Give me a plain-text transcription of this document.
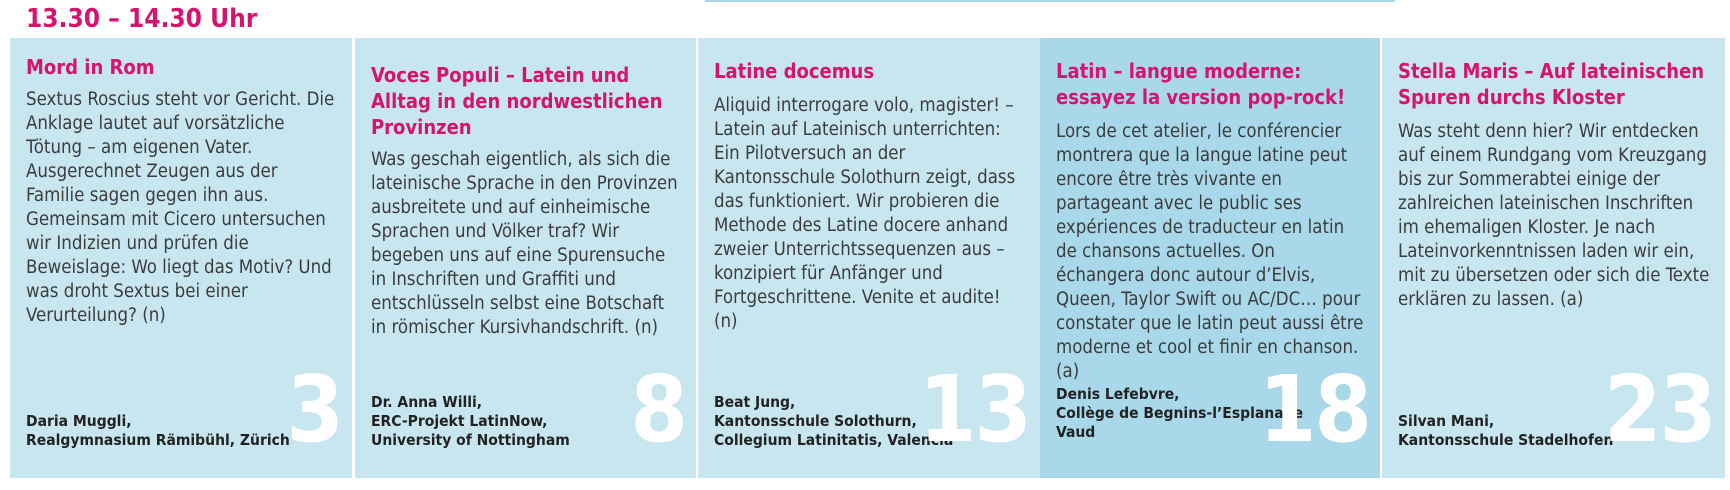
13.30 – 14.30 Uhr
Mord in Rom

Sextus Roscius steht vor Gericht. Die Anklage lautet auf vorsätzliche Tötung – am eigenen Vater. Ausgerechnet Zeugen aus der Familie sagen gegen ihn aus. Gemeinsam mit Cicero untersuchen wir Indizien und prüfen die Beweislage: Wo liegt das Motiv? Und was droht Sextus bei einer Verurteilung? (n)

Daria Muggli,
Realgymnasium Rämibühl, Zürich
3
Voces Populi – Latein und Alltag in den nordwestlichen Provinzen

Was geschah eigentlich, als sich die lateinische Sprache in den Provinzen ausbreitete und auf einheimische Sprachen und Völker traf? Wir begeben uns auf eine Spurensuche in Inschriften und Graffiti und entschlüsseln selbst eine Botschaft in römischer Kursivhandschrift. (n)

Dr. Anna Willi,
ERC-Projekt LatinNow,
University of Nottingham 8
Latine docemus

Aliquid interrogare volo, magister! – Latein auf Lateinisch unterrichten: Ein Pilotversuch an der Kantonsschule Solothurn zeigt, dass das funktioniert. Wir probieren die Methode des Latine docere anhand zweier Unterrichtssequenzen aus – konzipiert für Anfänger und Fortgeschrittene. Venite et audite! (n)

Beat Jung,
Kantonsschule Solothurn,
Collegium Latinitatis, Valencia
13
Latin – langue moderne: essayez la version pop-rock!

Lors de cet atelier, le conférencier montrera que la langue latine peut encore être très vivante en partageant avec le public ses expériences de traducteur en latin de chansons actuelles. On échangera donc autour d’Elvis, Queen, Taylor Swift ou AC/DC… pour constater que le latin peut aussi être moderne et cool et finir en chanson. (a)

Denis Lefebvre,
Collège de Begnins-l’Esplanade
Vaud	18
Stella Maris – Auf lateinischen Spuren durchs Kloster

Was steht denn hier? Wir entdecken auf einem Rundgang vom Kreuzgang bis zur Sommerabtei einige der zahlreichen lateinischen Inschriften im ehemaligen Kloster. Je nach Lateinvorkenntnissen laden wir ein, mit zu übersetzen oder sich die Texte erklären zu lassen. (a)

Silvan Mani,
Kantonsschule Stadelhofen
23
